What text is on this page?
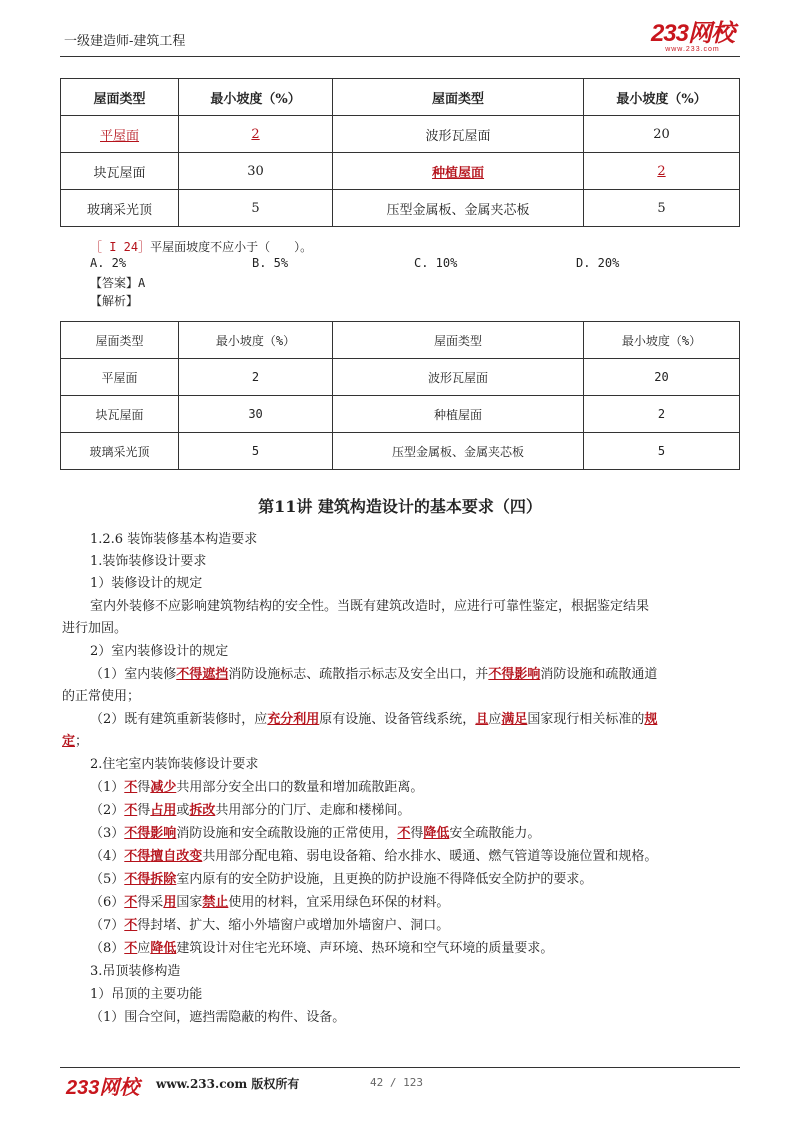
一级建造师-建筑工程	233网校
www.233.com
屋面类型	最小坡度（%）	屋面类型	最小坡度（%）
平屋面	2	波形瓦屋面	20
块瓦屋面	30	种植屋面	2
玻璃采光顶	5	压型金属板、金属夹芯板	5
［ I 24］平屋面坡度不应小于（　　）。
A. 2%	B. 5%	C. 10%	D. 20%
【答案】A
【解析】
屋面类型	最小坡度（%）	屋面类型	最小坡度（%）
平屋面	2	波形瓦屋面	20
块瓦屋面	30	种植屋面	2
玻璃采光顶	5	压型金属板、金属夹芯板	5
第11讲 建筑构造设计的基本要求（四）
1.2.6 装饰装修基本构造要求
1.装饰装修设计要求
1）装修设计的规定
室内外装修不应影响建筑物结构的安全性。当既有建筑改造时，应进行可靠性鉴定，根据鉴定结果
进行加固。
2）室内装修设计的规定
（1）室内装修不得遮挡消防设施标志、疏散指示标志及安全出口，并不得影响消防设施和疏散通道
的正常使用；
（2）既有建筑重新装修时，应充分利用原有设施、设备管线系统，且应满足国家现行相关标准的规
定；
2.住宅室内装饰装修设计要求
（1）不得减少共用部分安全出口的数量和增加疏散距离。
（2）不得占用或拆改共用部分的门厅、走廊和楼梯间。
（3）不得影响消防设施和安全疏散设施的正常使用，不得降低安全疏散能力。
（4）不得擅自改变共用部分配电箱、弱电设备箱、给水排水、暖通、燃气管道等设施位置和规格。
（5）不得拆除室内原有的安全防护设施，且更换的防护设施不得降低安全防护的要求。
（6）不得采用国家禁止使用的材料，宜采用绿色环保的材料。
（7）不得封堵、扩大、缩小外墙窗户或增加外墙窗户、洞口。
（8）不应降低建筑设计对住宅光环境、声环境、热环境和空气环境的质量要求。
3.吊顶装修构造
1）吊顶的主要功能
（1）围合空间，遮挡需隐蔽的构件、设备。
233网校 www.233.com 版权所有	42 / 123
